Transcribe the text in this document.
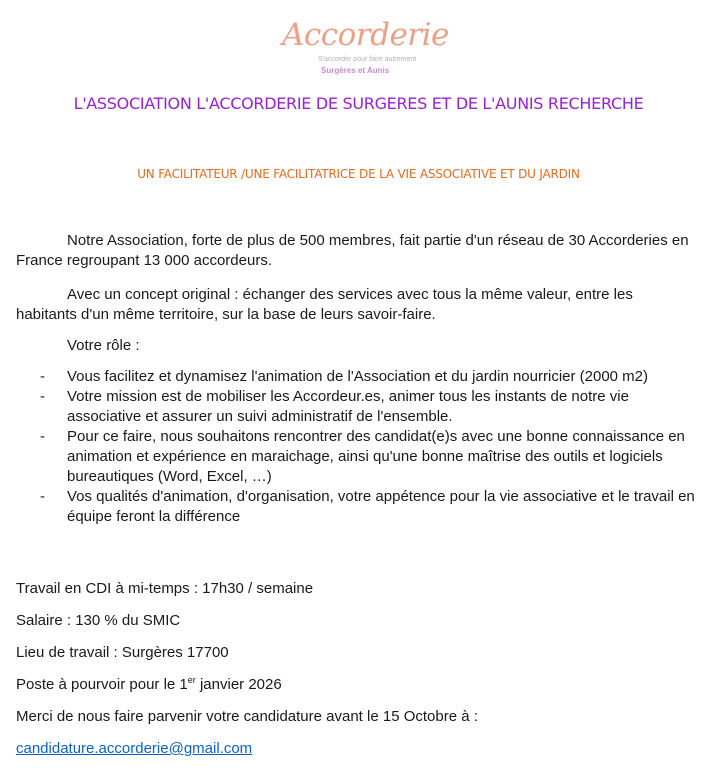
Accorderie
S'accorder pour faire autrement
Surgères et Aunis
L'ASSOCIATION L'ACCORDERIE DE SURGERES ET DE L'AUNIS RECHERCHE
UN FACILITATEUR /UNE FACILITATRICE DE LA VIE ASSOCIATIVE ET DU JARDIN
Notre Association, forte de plus de 500 membres, fait partie d'un réseau de 30 Accorderies en France regroupant 13 000 accordeurs.
Avec un concept original : échanger des services avec tous la même valeur, entre les habitants d'un même territoire, sur la base de leurs savoir-faire.
Votre rôle :
- Vous facilitez et dynamisez l'animation de l'Association et du jardin nourricier (2000 m2)
- Votre mission est de mobiliser les Accordeur.es, animer tous les instants de notre vie associative et assurer un suivi administratif de l'ensemble.
- Pour ce faire, nous souhaitons rencontrer des candidat(e)s avec une bonne connaissance en animation et expérience en maraichage, ainsi qu'une bonne maîtrise des outils et logiciels bureautiques (Word, Excel, …)
- Vos qualités d'animation, d'organisation, votre appétence pour la vie associative et le travail en équipe feront la différence
Travail en CDI à mi-temps : 17h30 / semaine
Salaire : 130 % du SMIC
Lieu de travail : Surgères 17700
Poste à pourvoir pour le 1er janvier 2026
Merci de nous faire parvenir votre candidature avant le 15 Octobre à :
candidature.accorderie@gmail.com
